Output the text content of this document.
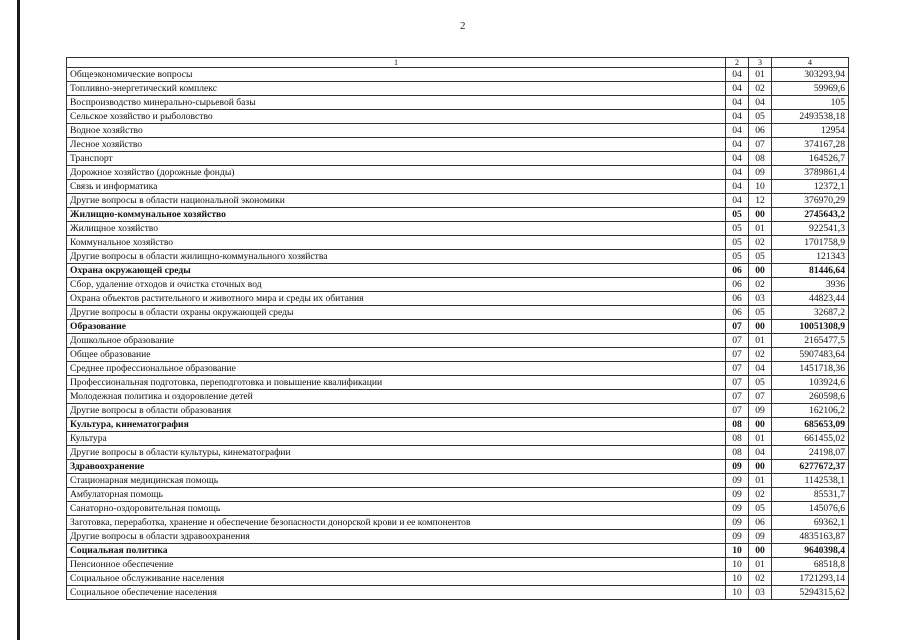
2
1	2	3	4
Общеэкономические вопросы	04	01	303293,94
Топливно-энергетический комплекс	04	02	59969,6
Воспроизводство минерально-сырьевой базы	04	04	105
Сельское хозяйство и рыболовство	04	05	2493538,18
Водное хозяйство	04	06	12954
Лесное хозяйство	04	07	374167,28
Транспорт	04	08	164526,7
Дорожное хозяйство (дорожные фонды)	04	09	3789861,4
Связь и информатика	04	10	12372,1
Другие вопросы в области национальной экономики	04	12	376970,29
Жилищно-коммунальное хозяйство	05	00	2745643,2
Жилищное хозяйство	05	01	922541,3
Коммунальное хозяйство	05	02	1701758,9
Другие вопросы в области жилищно-коммунального хозяйства	05	05	121343
Охрана окружающей среды	06	00	81446,64
Сбор, удаление отходов и очистка сточных вод	06	02	3936
Охрана объектов растительного и животного мира и среды их обитания	06	03	44823,44
Другие вопросы в области охраны окружающей среды	06	05	32687,2
Образование	07	00	10051308,9
Дошкольное образование	07	01	2165477,5
Общее образование	07	02	5907483,64
Среднее профессиональное образование	07	04	1451718,36
Профессиональная подготовка, переподготовка и повышение квалификации	07	05	103924,6
Молодежная политика и оздоровление детей	07	07	260598,6
Другие вопросы в области образования	07	09	162106,2
Культура, кинематография	08	00	685653,09
Культура	08	01	661455,02
Другие вопросы в области культуры, кинематографии	08	04	24198,07
Здравоохранение	09	00	6277672,37
Стационарная медицинская помощь	09	01	1142538,1
Амбулаторная помощь	09	02	85531,7
Санаторно-оздоровительная помощь	09	05	145076,6
Заготовка, переработка, хранение и обеспечение безопасности донорской крови и ее компонентов	09	06	69362,1
Другие вопросы в области здравоохранения	09	09	4835163,87
Социальная политика	10	00	9640398,4
Пенсионное обеспечение	10	01	68518,8
Социальное обслуживание населения	10	02	1721293,14
Социальное обеспечение населения	10	03	5294315,62
